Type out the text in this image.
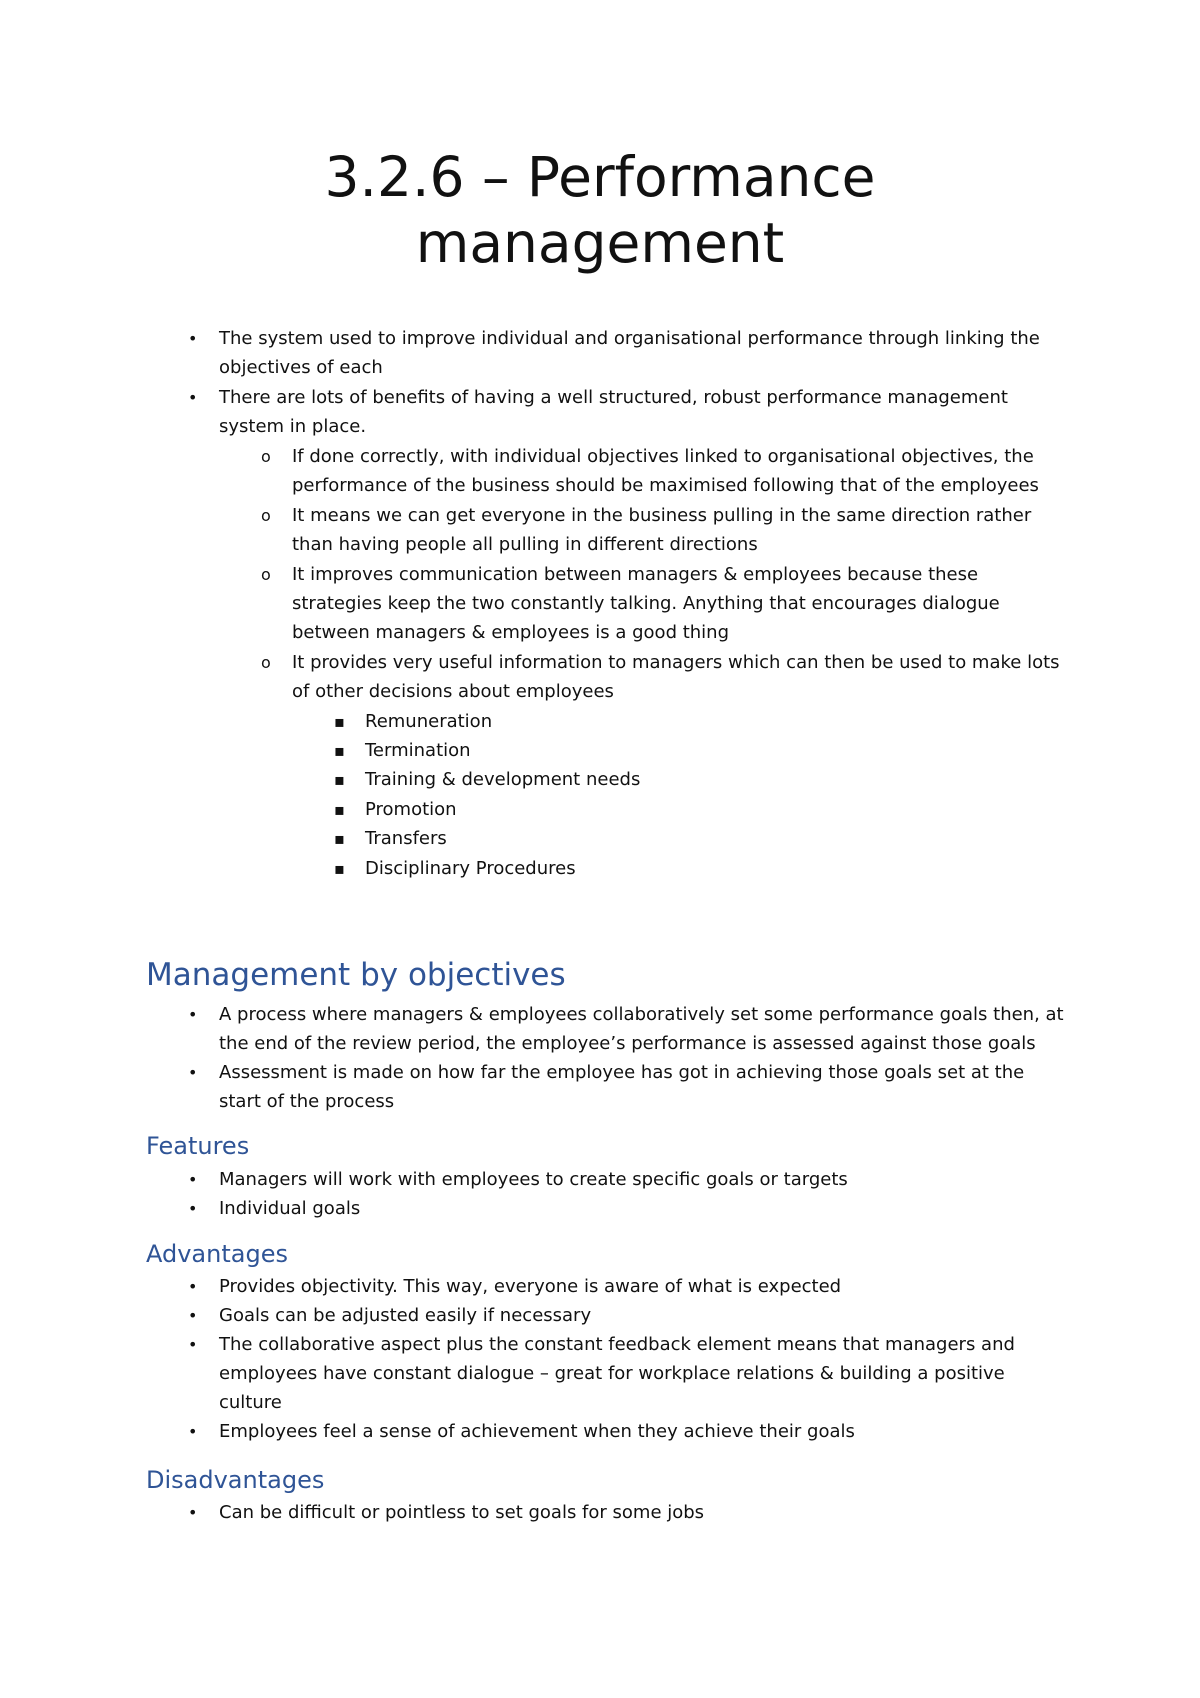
3.2.6 – Performance
management
• The system used to improve individual and organisational performance through linking the
objectives of each
• There are lots of benefits of having a well structured, robust performance management
system in place.
o If done correctly, with individual objectives linked to organisational objectives, the
performance of the business should be maximised following that of the employees
o It means we can get everyone in the business pulling in the same direction rather
than having people all pulling in different directions
o It improves communication between managers & employees because these
strategies keep the two constantly talking. Anything that encourages dialogue
between managers & employees is a good thing
o It provides very useful information to managers which can then be used to make lots
of other decisions about employees
▪ Remuneration
▪ Termination
▪ Training & development needs
▪ Promotion
▪ Transfers
▪ Disciplinary Procedures
Management by objectives
• A process where managers & employees collaboratively set some performance goals then, at
the end of the review period, the employee’s performance is assessed against those goals
• Assessment is made on how far the employee has got in achieving those goals set at the
start of the process
Features
• Managers will work with employees to create specific goals or targets
• Individual goals
Advantages
• Provides objectivity. This way, everyone is aware of what is expected
• Goals can be adjusted easily if necessary
• The collaborative aspect plus the constant feedback element means that managers and
employees have constant dialogue – great for workplace relations & building a positive
culture
• Employees feel a sense of achievement when they achieve their goals
Disadvantages
• Can be difficult or pointless to set goals for some jobs
